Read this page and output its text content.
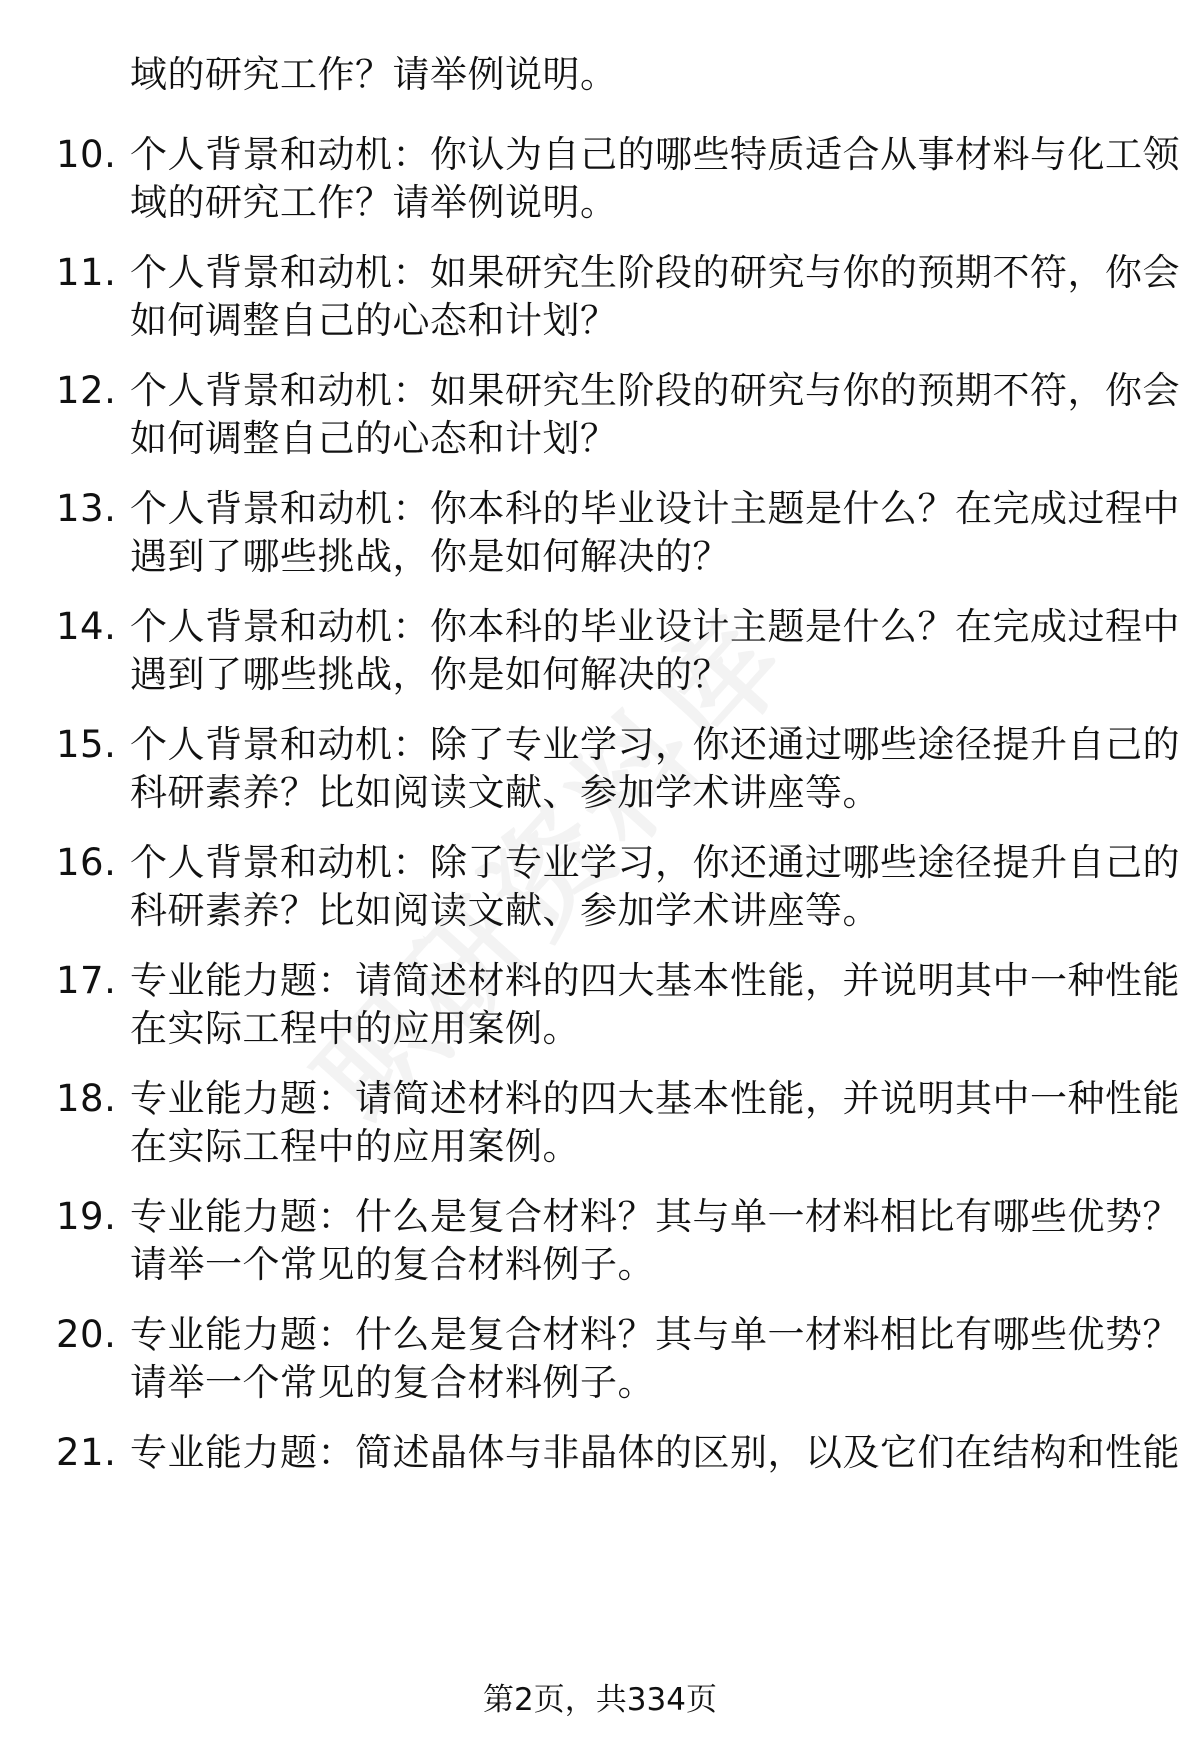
域的研究工作？请举例说明。
10. 个人背景和动机：你认为自己的哪些特质适合从事材料与化工领
域的研究工作？请举例说明。
11. 个人背景和动机：如果研究生阶段的研究与你的预期不符，你会
如何调整自己的心态和计划？
12. 个人背景和动机：如果研究生阶段的研究与你的预期不符，你会
如何调整自己的心态和计划？
13. 个人背景和动机：你本科的毕业设计主题是什么？在完成过程中
遇到了哪些挑战，你是如何解决的？
14. 个人背景和动机：你本科的毕业设计主题是什么？在完成过程中
遇到了哪些挑战，你是如何解决的？
15. 个人背景和动机：除了专业学习，你还通过哪些途径提升自己的
科研素养？比如阅读文献、参加学术讲座等。
16. 个人背景和动机：除了专业学习，你还通过哪些途径提升自己的
科研素养？比如阅读文献、参加学术讲座等。
17. 专业能力题：请简述材料的四大基本性能，并说明其中一种性能
在实际工程中的应用案例。
18. 专业能力题：请简述材料的四大基本性能，并说明其中一种性能
在实际工程中的应用案例。
19. 专业能力题：什么是复合材料？其与单一材料相比有哪些优势？
请举一个常见的复合材料例子。
20. 专业能力题：什么是复合材料？其与单一材料相比有哪些优势？
请举一个常见的复合材料例子。
21. 专业能力题：简述晶体与非晶体的区别，以及它们在结构和性能
第2页，共334页
